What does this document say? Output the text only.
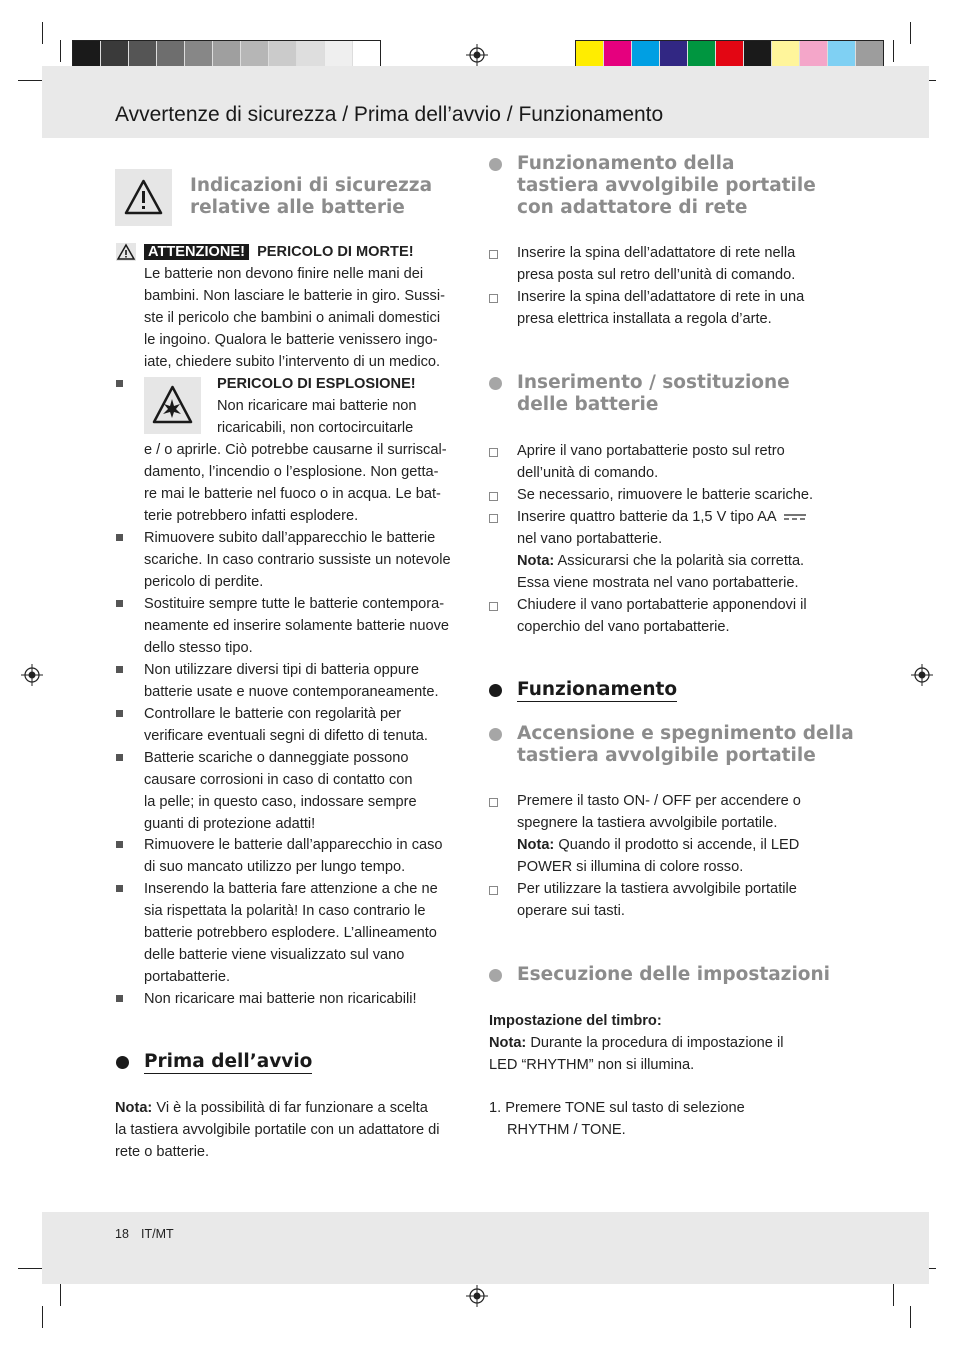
Avvertenze di sicurezza / Prima dell’avvio / Funzionamento
Indicazioni di sicurezza
relative alle batterie
ATTENZIONE! PERICOLO DI MORTE!
Le batterie non devono finire nelle mani dei
bambini. Non lasciare le batterie in giro. Sussi-
ste il pericolo che bambini o animali domestici
le ingoino. Qualora le batterie venissero ingo-
iate, chiedere subito l’intervento di un medico.
PERICOLO DI ESPLOSIONE!
Non ricaricare mai batterie non
ricaricabili, non cortocircuitarle
e / o aprirle. Ciò potrebbe causarne il surriscal-
damento, l’incendio o l’esplosione. Non getta-
re mai le batterie nel fuoco o in acqua. Le bat-
terie potrebbero infatti esplodere.
Rimuovere subito dall’apparecchio le batterie
scariche. In caso contrario sussiste un notevole
pericolo di perdite.
Sostituire sempre tutte le batterie contempora-
neamente ed inserire solamente batterie nuove
dello stesso tipo.
Non utilizzare diversi tipi di batteria oppure
batterie usate e nuove contemporaneamente.
Controllare le batterie con regolarità per
verificare eventuali segni di difetto di tenuta.
Batterie scariche o danneggiate possono
causare corrosioni in caso di contatto con
la pelle; in questo caso, indossare sempre
guanti di protezione adatti!
Rimuovere le batterie dall’apparecchio in caso
di suo mancato utilizzo per lungo tempo.
Inserendo la batteria fare attenzione a che ne
sia rispettata la polarità! In caso contrario le
batterie potrebbero esplodere. L’allineamento
delle batterie viene visualizzato sul vano
portabatterie.
Non ricaricare mai batterie non ricaricabili!
Prima dell’avvio
Nota: Vi è la possibilità di far funzionare a scelta
la tastiera avvolgibile portatile con un adattatore di
rete o batterie.
Funzionamento della
tastiera avvolgibile portatile
con adattatore di rete
Inserire la spina dell’adattatore di rete nella
presa posta sul retro dell’unità di comando.
Inserire la spina dell’adattatore di rete in una
presa elettrica installata a regola d’arte.
Inserimento / sostituzione
delle batterie
Aprire il vano portabatterie posto sul retro
dell’unità di comando.
Se necessario, rimuovere le batterie scariche.
Inserire quattro batterie da 1,5 V tipo AA
nel vano portabatterie.
Nota: Assicurarsi che la polarità sia corretta.
Essa viene mostrata nel vano portabatterie.
Chiudere il vano portabatterie apponendovi il
coperchio del vano portabatterie.
Funzionamento
Accensione e spegnimento della
tastiera avvolgibile portatile
Premere il tasto ON- / OFF per accendere o
spegnere la tastiera avvolgibile portatile.
Nota: Quando il prodotto si accende, il LED
POWER si illumina di colore rosso.
Per utilizzare la tastiera avvolgibile portatile
operare sui tasti.
Esecuzione delle impostazioni
Impostazione del timbro:
Nota: Durante la procedura di impostazione il
LED “RHYTHM” non si illumina.
1. Premere TONE sul tasto di selezione
RHYTHM / TONE.
18 IT/MT
